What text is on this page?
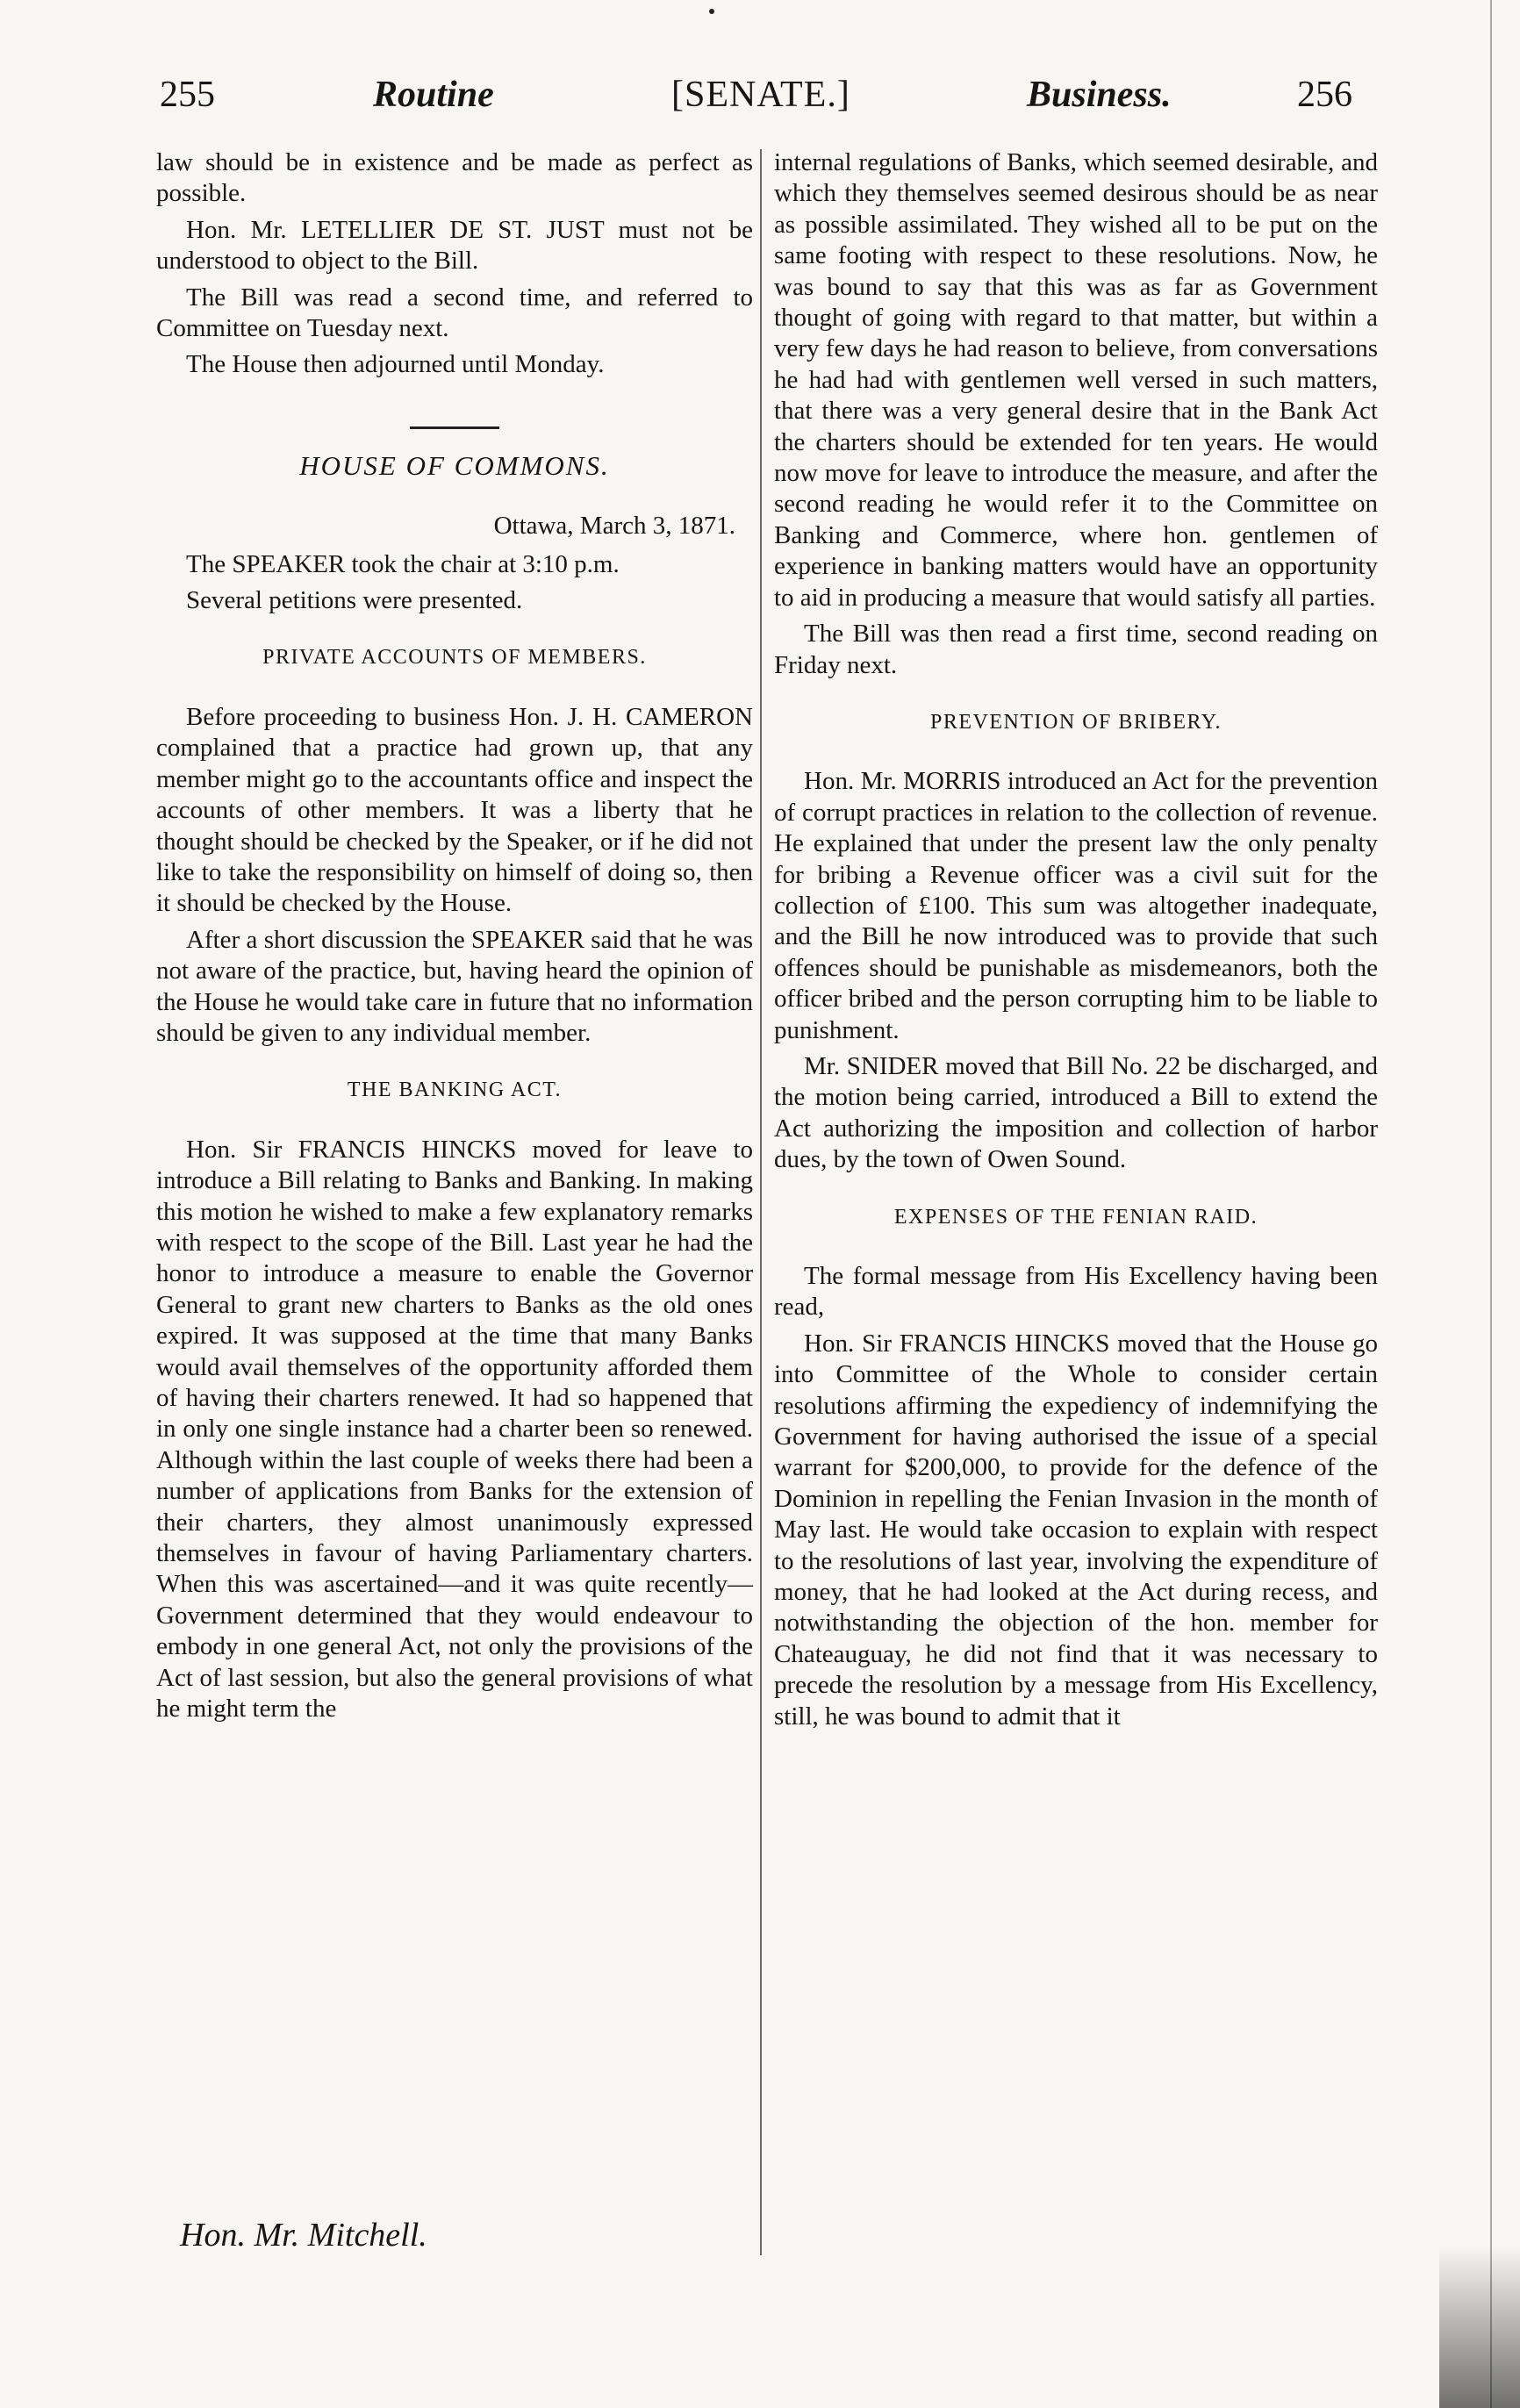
255	Routine	[SENATE.]	Business.	256

law should be in existence and be made as perfect as possible.

Hon. Mr. LETELLIER DE ST. JUST must not be understood to object to the Bill.

The Bill was read a second time, and referred to Committee on Tuesday next.

The House then adjourned until Monday.

HOUSE OF COMMONS.

Ottawa, March 3, 1871.

The SPEAKER took the chair at 3:10 p.m.

Several petitions were presented.

PRIVATE ACCOUNTS OF MEMBERS.

Before proceeding to business Hon. J. H. CAMERON complained that a practice had grown up, that any member might go to the accountants office and inspect the accounts of other members. It was a liberty that he thought should be checked by the Speaker, or if he did not like to take the responsibility on himself of doing so, then it should be checked by the House.

After a short discussion the SPEAKER said that he was not aware of the practice, but, having heard the opinion of the House he would take care in future that no information should be given to any individual member.

THE BANKING ACT.

Hon. Sir FRANCIS HINCKS moved for leave to introduce a Bill relating to Banks and Banking. In making this motion he wished to make a few explanatory remarks with respect to the scope of the Bill. Last year he had the honor to introduce a measure to enable the Governor General to grant new charters to Banks as the old ones expired. It was supposed at the time that many Banks would avail themselves of the opportunity afforded them of having their charters renewed. It had so happened that in only one single instance had a charter been so renewed. Although within the last couple of weeks there had been a number of applications from Banks for the extension of their charters, they almost unanimously expressed themselves in favour of having Parliamentary charters. When this was ascertained—and it was quite recently—Government determined that they would endeavour to embody in one general Act, not only the provisions of the Act of last session, but also the general provisions of what he might term the

internal regulations of Banks, which seemed desirable, and which they themselves seemed desirous should be as near as possible assimilated. They wished all to be put on the same footing with respect to these resolutions. Now, he was bound to say that this was as far as Government thought of going with regard to that matter, but within a very few days he had reason to believe, from conversations he had had with gentlemen well versed in such matters, that there was a very general desire that in the Bank Act the charters should be extended for ten years. He would now move for leave to introduce the measure, and after the second reading he would refer it to the Committee on Banking and Commerce, where hon. gentlemen of experience in banking matters would have an opportunity to aid in producing a measure that would satisfy all parties.

The Bill was then read a first time, second reading on Friday next.

PREVENTION OF BRIBERY.

Hon. Mr. MORRIS introduced an Act for the prevention of corrupt practices in relation to the collection of revenue. He explained that under the present law the only penalty for bribing a Revenue officer was a civil suit for the collection of £100. This sum was altogether inadequate, and the Bill he now introduced was to provide that such offences should be punishable as misdemeanors, both the officer bribed and the person corrupting him to be liable to punishment.

Mr. SNIDER moved that Bill No. 22 be discharged, and the motion being carried, introduced a Bill to extend the Act authorizing the imposition and collection of harbor dues, by the town of Owen Sound.

EXPENSES OF THE FENIAN RAID.

The formal message from His Excellency having been read,

Hon. Sir FRANCIS HINCKS moved that the House go into Committee of the Whole to consider certain resolutions affirming the expediency of indemnifying the Government for having authorised the issue of a special warrant for $200,000, to provide for the defence of the Dominion in repelling the Fenian Invasion in the month of May last. He would take occasion to explain with respect to the resolutions of last year, involving the expenditure of money, that he had looked at the Act during recess, and notwithstanding the objection of the hon. member for Chateauguay, he did not find that it was necessary to precede the resolution by a message from His Excellency, still, he was bound to admit that it

Hon. Mr. Mitchell.
